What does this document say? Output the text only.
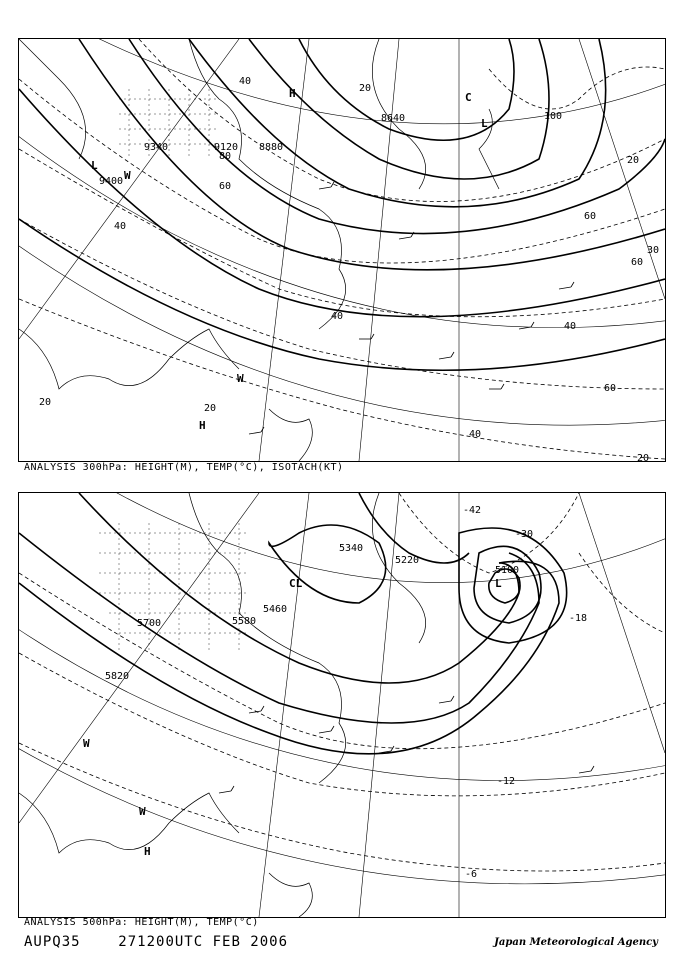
9400
9340	9120 8880
8640
40
20
60
80
100
40
60
40
30
60
20
40
60
40
20
20
20
L
H
W
C
W
H
L
ANALYSIS 300hPa: HEIGHT(M), TEMP(°C), ISOTACH(KT)
5700
5820
5580
5460
5340
5220
5100
-30
-18
-12
-42
-6
CL	L
W
W
H
ANALYSIS 500hPa: HEIGHT(M), TEMP(°C)
AUPQ35	271200UTC FEB 2006	Japan Meteorological Agency
